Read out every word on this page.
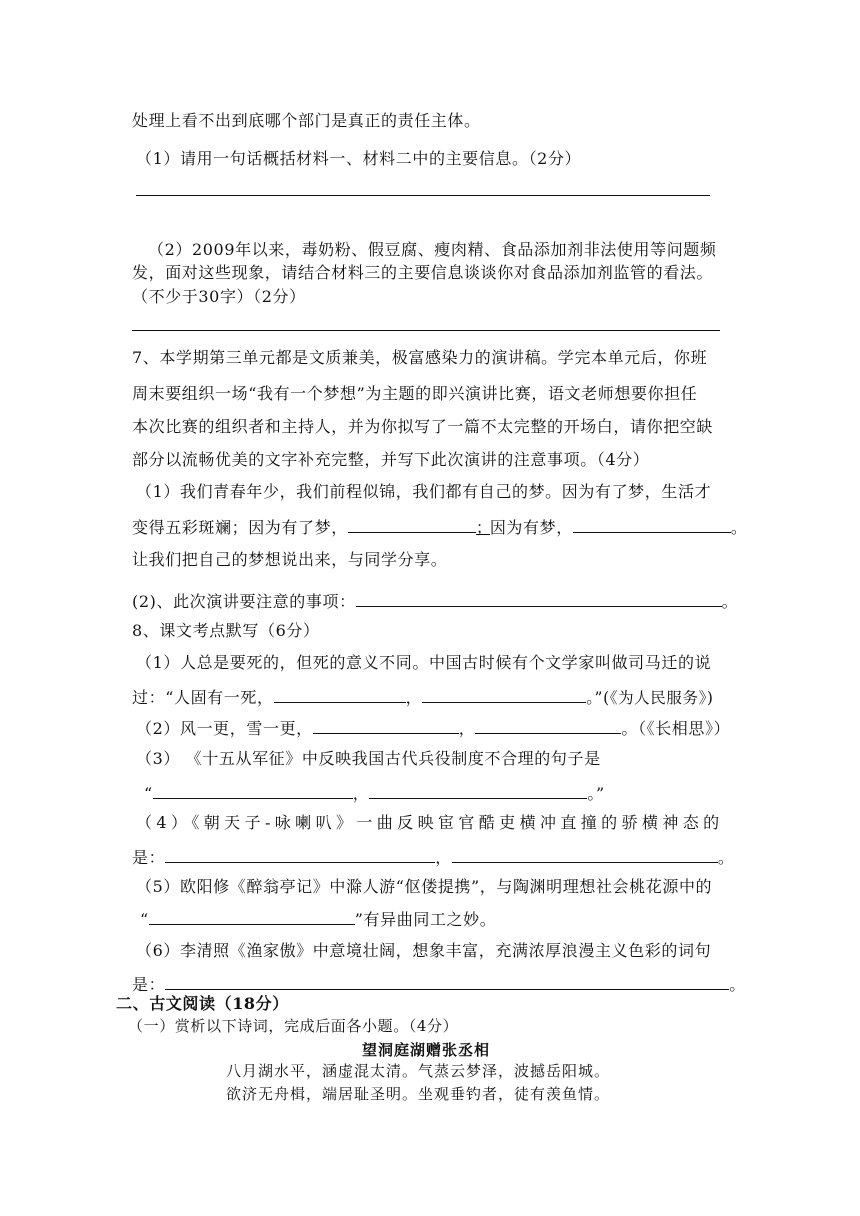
处理上看不出到底哪个部门是真正的责任主体。
（1）请用一句话概括材料一、材料二中的主要信息。（2分）
（2）2009年以来，毒奶粉、假豆腐、瘦肉精、食品添加剂非法使用等问题频
发，面对这些现象，请结合材料三的主要信息谈谈你对食品添加剂监管的看法。
（不少于30字）（2分）
7、本学期第三单元都是文质兼美，极富感染力的演讲稿。学完本单元后，你班
周末要组织一场“我有一个梦想”为主题的即兴演讲比赛，语文老师想要你担任
本次比赛的组织者和主持人，并为你拟写了一篇不太完整的开场白，请你把空缺
部分以流畅优美的文字补充完整，并写下此次演讲的注意事项。（4分）
（1）我们青春年少，我们前程似锦，我们都有自己的梦。因为有了梦，生活才
变得五彩斑斓；因为有了梦，	；因为有梦，	。
让我们把自己的梦想说出来，与同学分享。
(2)、此次演讲要注意的事项：	。
8、课文考点默写（6分）
（1）人总是要死的，但死的意义不同。中国古时候有个文学家叫做司马迁的说
过：“人固有一死，	，	。”(《为人民服务》)
（2）风一更，雪一更，	，	。（《长相思》）
（3） 《十五从军征》中反映我国古代兵役制度不合理的句子是
“	，	。”
（4）《朝天子-咏喇叭》一曲反映宦官酷吏横冲直撞的骄横神态的
是：	，	。
（5）欧阳修《醉翁亭记》中滁人游“伛偻提携”，与陶渊明理想社会桃花源中的
“	”有异曲同工之妙。
（6）李清照《渔家傲》中意境壮阔，想象丰富，充满浓厚浪漫主义色彩的词句
是：	。
二、古文阅读（18分）
（一）赏析以下诗词，完成后面各小题。（4分）
望洞庭湖赠张丞相
八月湖水平，涵虚混太清。气蒸云梦泽，波撼岳阳城。
欲济无舟楫，端居耻圣明。坐观垂钓者，徒有羡鱼情。
